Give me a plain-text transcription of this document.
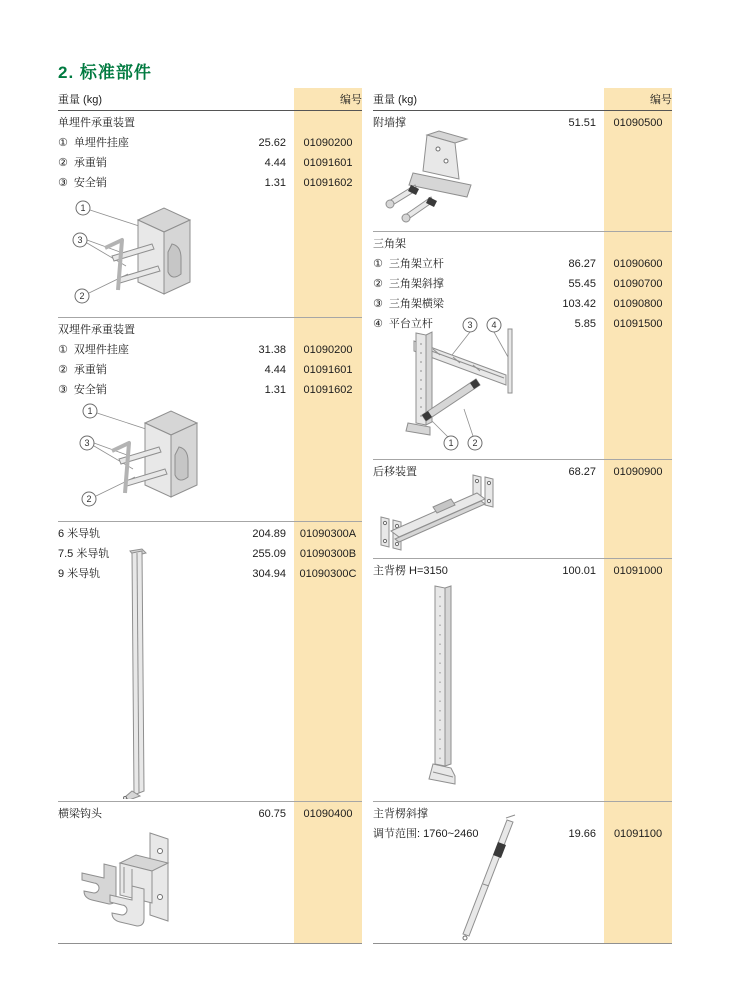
2. 标准部件
重量 (kg)	编号
单埋件承重装置
① 单埋件挂座	25.62	01090200
② 承重销	4.44	01091601
③ 安全销	1.31	01091602
1
3
2
双埋件承重装置
① 双埋件挂座	31.38	01090200
② 承重销	4.44	01091601
③ 安全销	1.31	01091602
1
3
2
6 米导轨	204.89	01090300A
7.5 米导轨	255.09	01090300B
9 米导轨	304.94	01090300C
横梁钩头	60.75	01090400
重量 (kg)	编号
附墙撑	51.51	01090500
三角架
① 三角架立杆	86.27	01090600
② 三角架斜撑	55.45	01090700
③ 三角架横梁	103.42	01090800
④ 平台立杆	5.85	01091500
3 4
1 2
后移装置	68.27	01090900
主背楞 H=3150	100.01	01091000
主背楞斜撑
调节范围: 1760~2460	19.66	01091100
